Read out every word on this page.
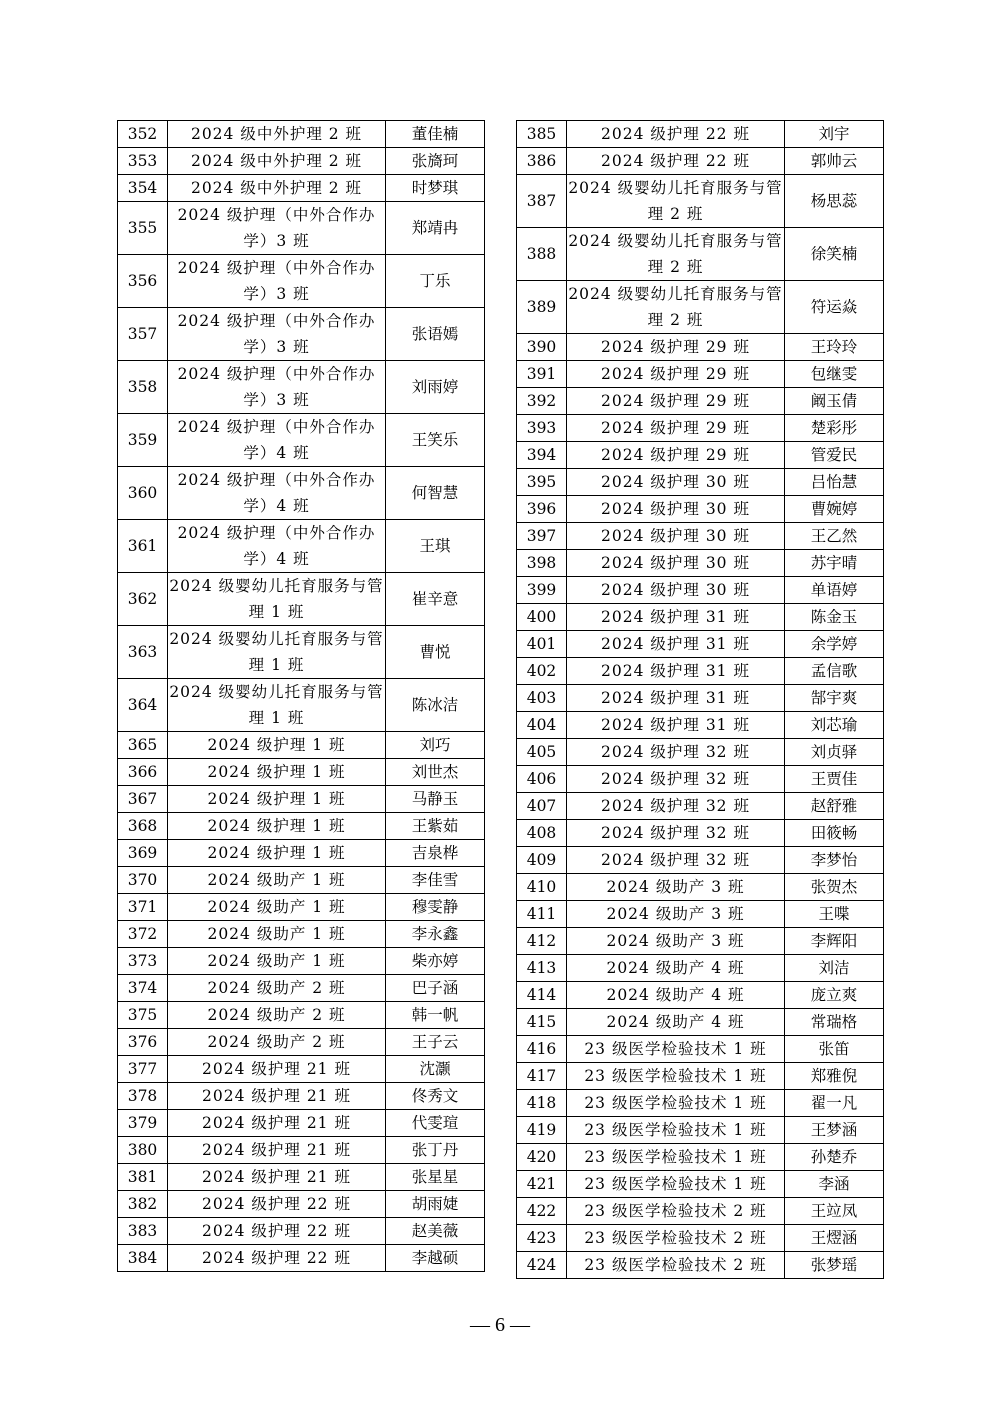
352	2024 级中外护理 2 班	董佳楠
353	2024 级中外护理 2 班	张旖珂
354	2024 级中外护理 2 班	时梦琪
355	2024 级护理（中外合作办学）3 班	郑靖冉
356	2024 级护理（中外合作办学）3 班	丁乐
357	2024 级护理（中外合作办学）3 班	张语嫣
358	2024 级护理（中外合作办学）3 班	刘雨婷
359	2024 级护理（中外合作办学）4 班	王笑乐
360	2024 级护理（中外合作办学）4 班	何智慧
361	2024 级护理（中外合作办学）4 班	王琪
362	2024 级婴幼儿托育服务与管理 1 班	崔辛意
363	2024 级婴幼儿托育服务与管理 1 班	曹悦
364	2024 级婴幼儿托育服务与管理 1 班	陈冰洁
365	2024 级护理 1 班	刘巧
366	2024 级护理 1 班	刘世杰
367	2024 级护理 1 班	马静玉
368	2024 级护理 1 班	王紫茹
369	2024 级护理 1 班	吉泉桦
370	2024 级助产 1 班	李佳雪
371	2024 级助产 1 班	穆雯静
372	2024 级助产 1 班	李永鑫
373	2024 级助产 1 班	柴亦婷
374	2024 级助产 2 班	巴子涵
375	2024 级助产 2 班	韩一帆
376	2024 级助产 2 班	王子云
377	2024 级护理 21 班	沈灏
378	2024 级护理 21 班	佟秀文
379	2024 级护理 21 班	代雯瑄
380	2024 级护理 21 班	张丁丹
381	2024 级护理 21 班	张星星
382	2024 级护理 22 班	胡雨婕
383	2024 级护理 22 班	赵美薇
384	2024 级护理 22 班	李越硕
385	2024 级护理 22 班	刘宇
386	2024 级护理 22 班	郭帅云
387	2024 级婴幼儿托育服务与管理 2 班	杨思蕊
388	2024 级婴幼儿托育服务与管理 2 班	徐笑楠
389	2024 级婴幼儿托育服务与管理 2 班	符运焱
390	2024 级护理 29 班	王玲玲
391	2024 级护理 29 班	包继雯
392	2024 级护理 29 班	阚玉倩
393	2024 级护理 29 班	楚彩彤
394	2024 级护理 29 班	管爱民
395	2024 级护理 30 班	吕怡慧
396	2024 级护理 30 班	曹婉婷
397	2024 级护理 30 班	王乙然
398	2024 级护理 30 班	苏宇晴
399	2024 级护理 30 班	单语婷
400	2024 级护理 31 班	陈金玉
401	2024 级护理 31 班	余学婷
402	2024 级护理 31 班	孟信歌
403	2024 级护理 31 班	郜宇爽
404	2024 级护理 31 班	刘芯瑜
405	2024 级护理 32 班	刘贞驿
406	2024 级护理 32 班	王贾佳
407	2024 级护理 32 班	赵舒雅
408	2024 级护理 32 班	田筱畅
409	2024 级护理 32 班	李梦怡
410	2024 级助产 3 班	张贺杰
411	2024 级助产 3 班	王喋
412	2024 级助产 3 班	李辉阳
413	2024 级助产 4 班	刘洁
414	2024 级助产 4 班	庞立爽
415	2024 级助产 4 班	常瑞格
416	23 级医学检验技术 1 班	张笛
417	23 级医学检验技术 1 班	郑雅倪
418	23 级医学检验技术 1 班	翟一凡
419	23 级医学检验技术 1 班	王梦涵
420	23 级医学检验技术 1 班	孙楚乔
421	23 级医学检验技术 1 班	李涵
422	23 级医学检验技术 2 班	王竝凤
423	23 级医学检验技术 2 班	王熤涵
424	23 级医学检验技术 2 班	张梦瑶
— 6 —
